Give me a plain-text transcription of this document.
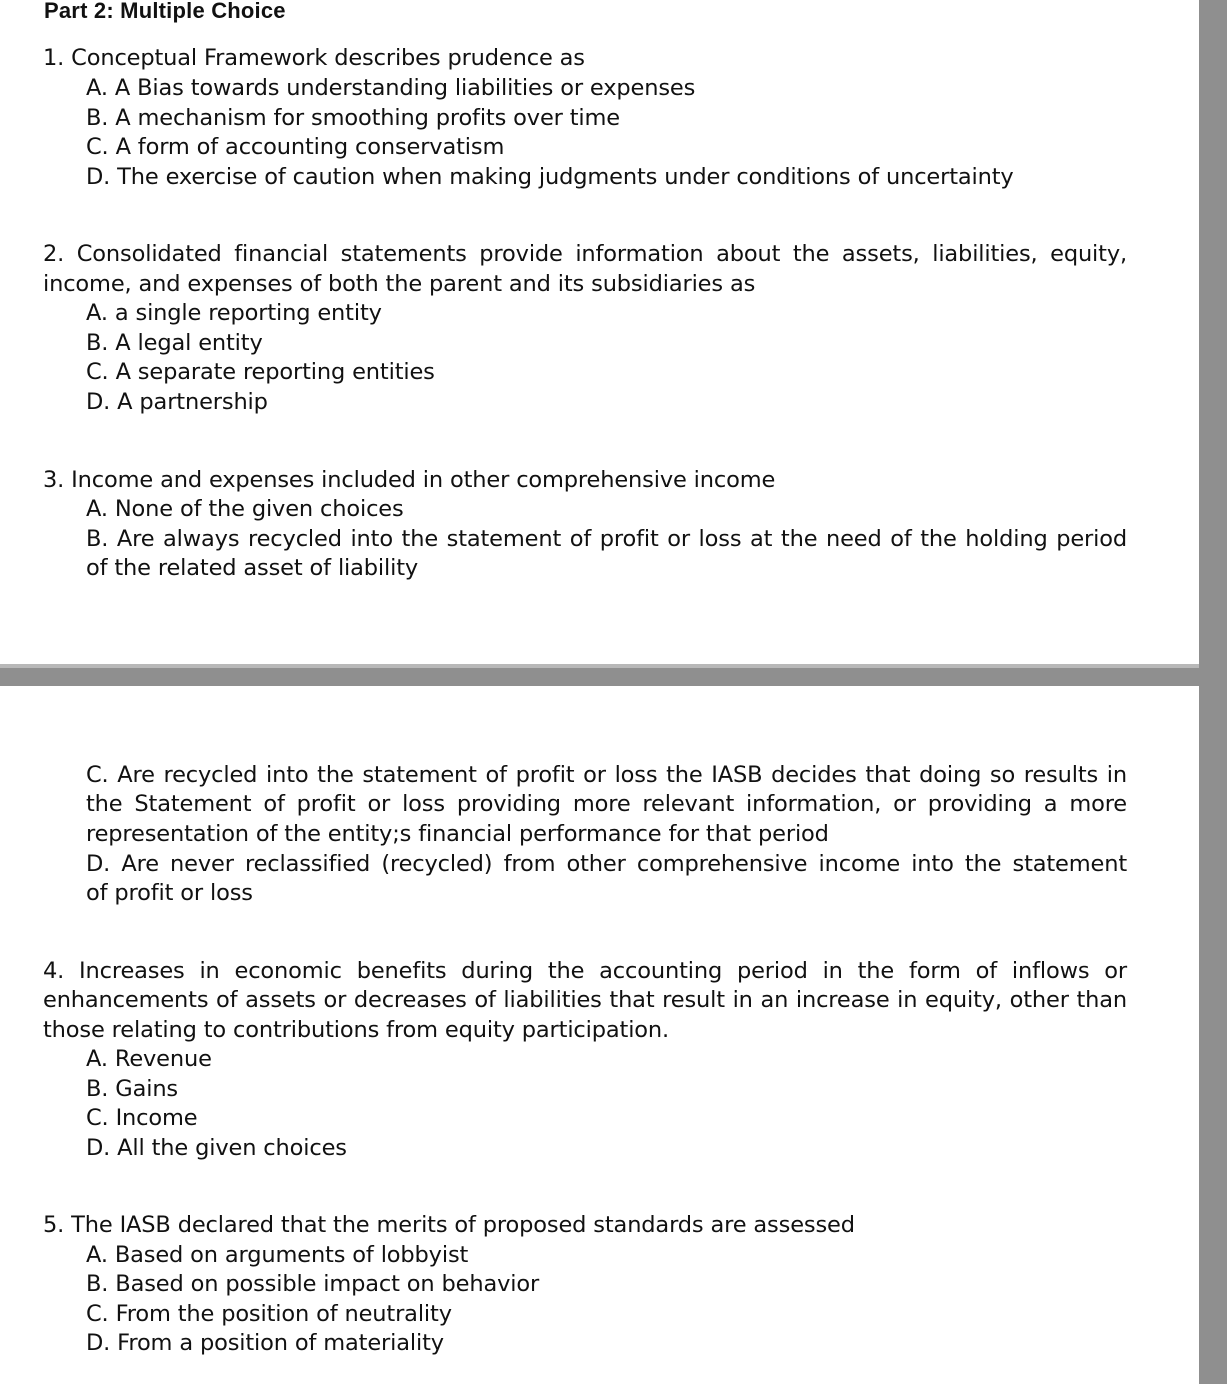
Part 2: Multiple Choice
1. Conceptual Framework describes prudence as
A. A Bias towards understanding liabilities or expenses
B. A mechanism for smoothing profits over time
C. A form of accounting conservatism
D. The exercise of caution when making judgments under conditions of uncertainty
2. Consolidated financial statements provide information about the assets, liabilities, equity,
income, and expenses of both the parent and its subsidiaries as
A. a single reporting entity
B. A legal entity
C. A separate reporting entities
D. A partnership
3. Income and expenses included in other comprehensive income
A. None of the given choices
B. Are always recycled into the statement of profit or loss at the need of the holding period
of the related asset of liability
C. Are recycled into the statement of profit or loss the IASB decides that doing so results in
the Statement of profit or loss providing more relevant information, or providing a more
representation of the entity;s financial performance for that period
D. Are never reclassified (recycled) from other comprehensive income into the statement
of profit or loss
4. Increases in economic benefits during the accounting period in the form of inflows or
enhancements of assets or decreases of liabilities that result in an increase in equity, other than
those relating to contributions from equity participation.
A. Revenue
B. Gains
C. Income
D. All the given choices
5. The IASB declared that the merits of proposed standards are assessed
A. Based on arguments of lobbyist
B. Based on possible impact on behavior
C. From the position of neutrality
D. From a position of materiality
